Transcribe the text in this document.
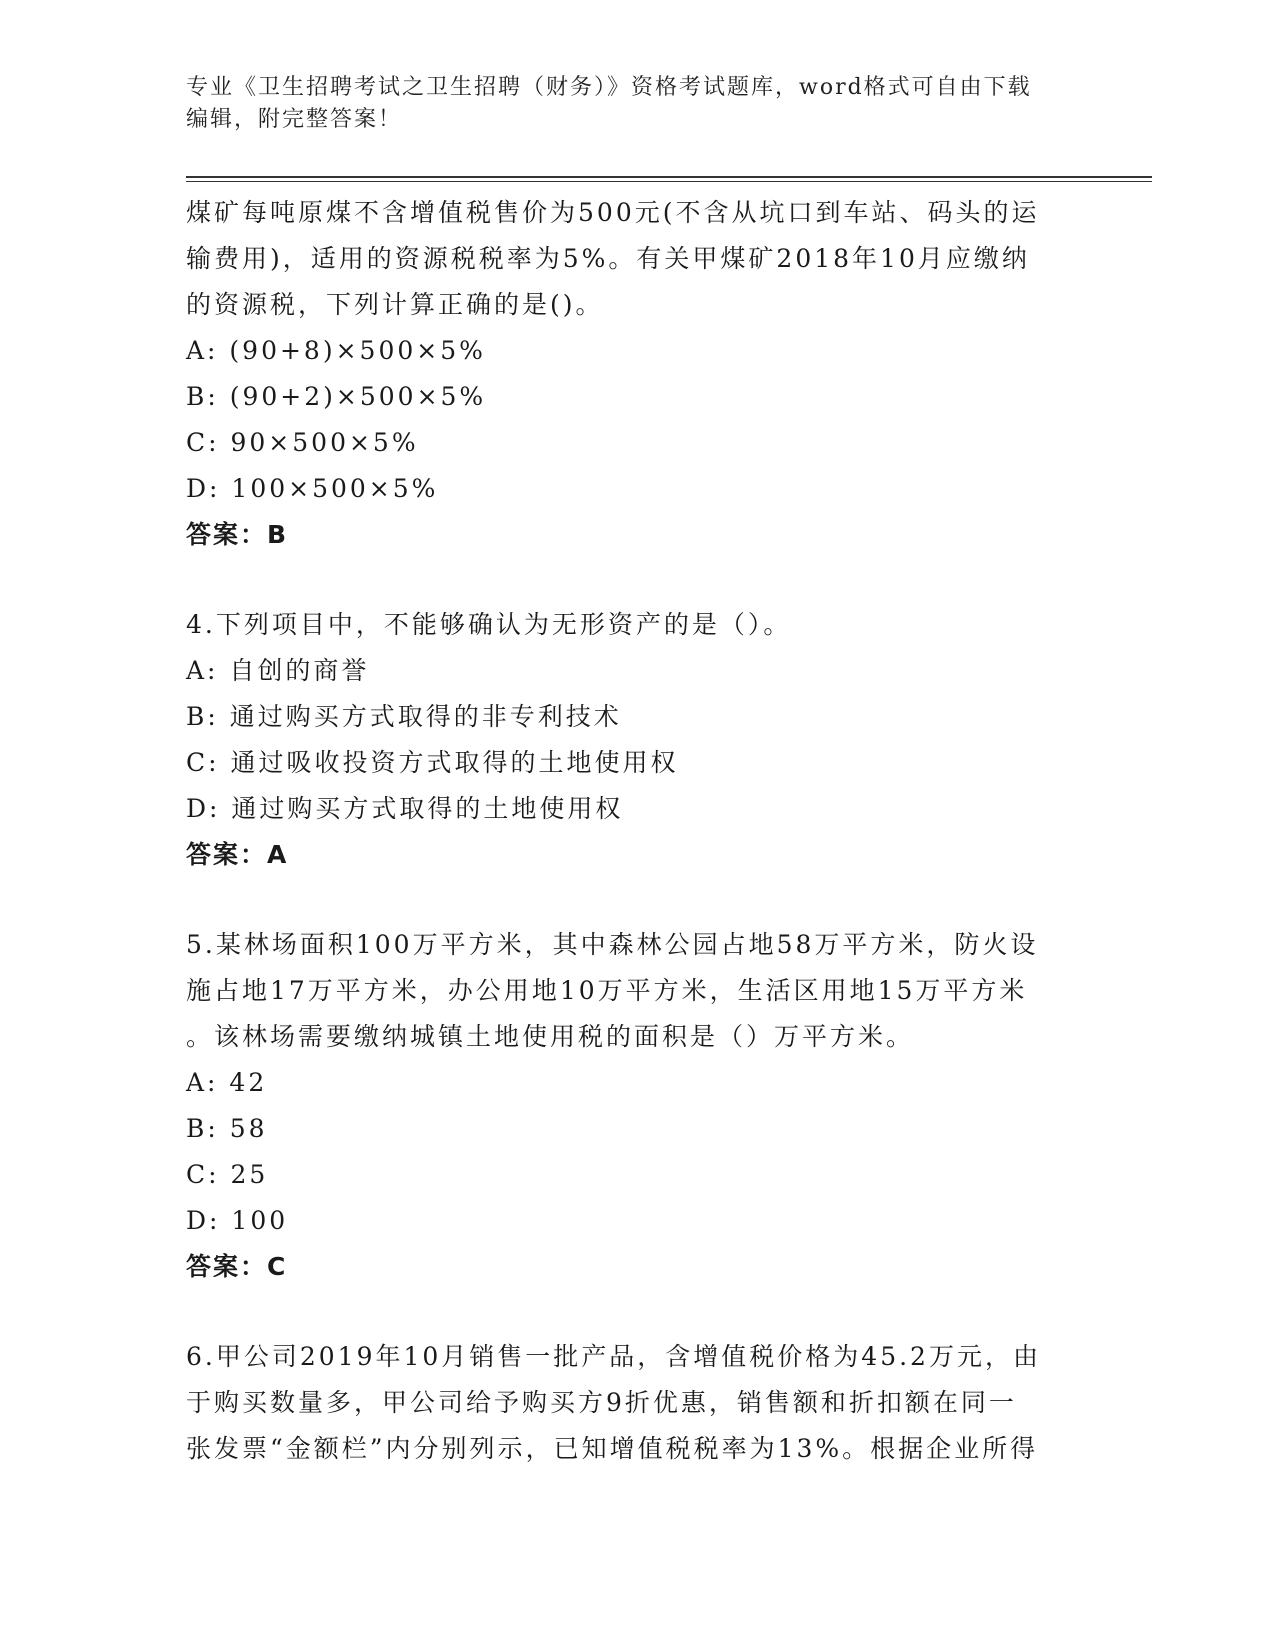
专业《卫生招聘考试之卫生招聘（财务）》资格考试题库，word格式可自由下载
编辑，附完整答案！
煤矿每吨原煤不含增值税售价为500元(不含从坑口到车站、码头的运
输费用)，适用的资源税税率为5%。有关甲煤矿2018年10月应缴纳
的资源税，下列计算正确的是()。
A: (90+8)×500×5%
B: (90+2)×500×5%
C: 90×500×5%
D: 100×500×5%
答案：B
4.下列项目中，不能够确认为无形资产的是（）。
A: 自创的商誉
B: 通过购买方式取得的非专利技术
C: 通过吸收投资方式取得的土地使用权
D: 通过购买方式取得的土地使用权
答案：A
5.某林场面积100万平方米，其中森林公园占地58万平方米，防火设
施占地17万平方米，办公用地10万平方米，生活区用地15万平方米
。该林场需要缴纳城镇土地使用税的面积是（）万平方米。
A: 42
B: 58
C: 25
D: 100
答案：C
6.甲公司2019年10月销售一批产品，含增值税价格为45.2万元，由
于购买数量多，甲公司给予购买方9折优惠，销售额和折扣额在同一
张发票“金额栏”内分别列示，已知增值税税率为13%。根据企业所得
